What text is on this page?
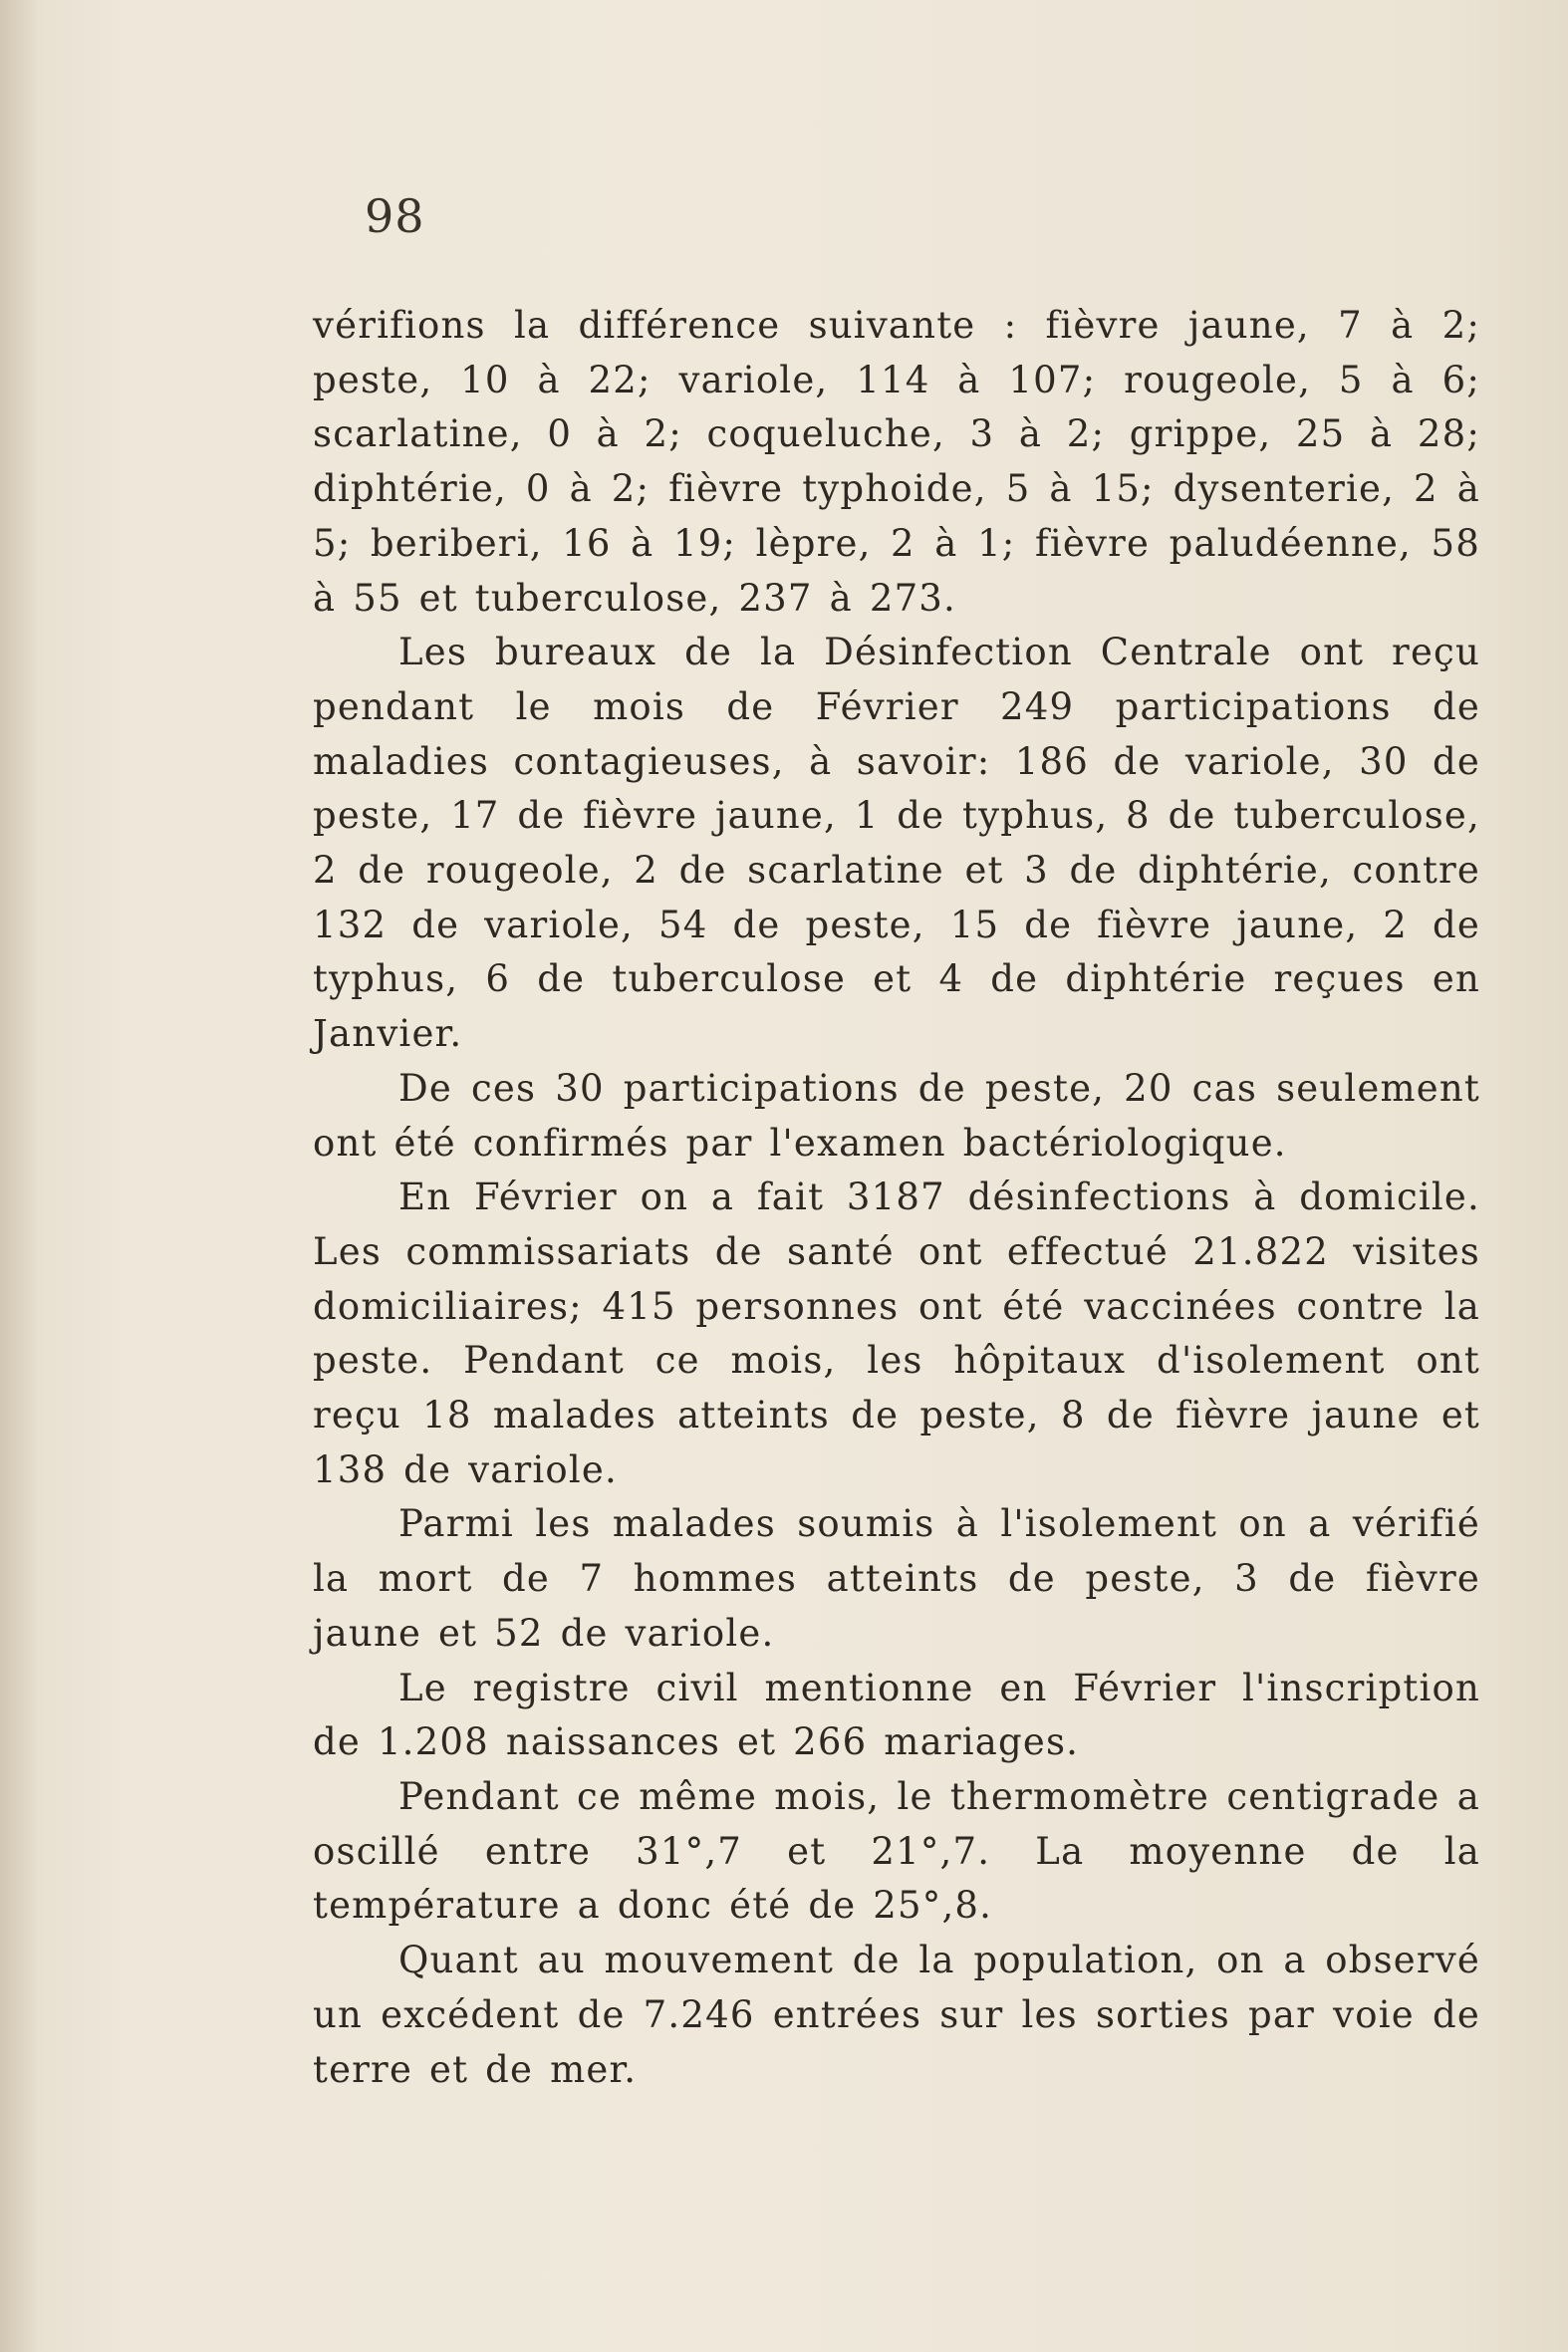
98

vérifions la différence suivante : fièvre jaune, 7 à 2; peste, 10 à 22; variole, 114 à 107; rougeole, 5 à 6; scarlatine, 0 à 2; coqueluche, 3 à 2; grippe, 25 à 28; diphtérie, 0 à 2; fièvre typhoide, 5 à 15; dysenterie, 2 à 5; beriberi, 16 à 19; lèpre, 2 à 1; fièvre paludéenne, 58 à 55 et tuberculose, 237 à 273.

Les bureaux de la Désinfection Centrale ont reçu pendant le mois de Février 249 participations de maladies contagieuses, à savoir: 186 de variole, 30 de peste, 17 de fièvre jaune, 1 de typhus, 8 de tuberculose, 2 de rougeole, 2 de scarlatine et 3 de diphtérie, contre 132 de variole, 54 de peste, 15 de fièvre jaune, 2 de typhus, 6 de tuberculose et 4 de diphtérie reçues en Janvier.

De ces 30 participations de peste, 20 cas seulement ont été confirmés par l'examen bactériologique.

En Février on a fait 3187 désinfections à domicile. Les commissariats de santé ont effectué 21.822 visites domiciliaires; 415 personnes ont été vaccinées contre la peste. Pendant ce mois, les hôpitaux d'isolement ont reçu 18 malades atteints de peste, 8 de fièvre jaune et 138 de variole.

Parmi les malades soumis à l'isolement on a vérifié la mort de 7 hommes atteints de peste, 3 de fièvre jaune et 52 de variole.

Le registre civil mentionne en Février l'inscription de 1.208 naissances et 266 mariages.

Pendant ce même mois, le thermomètre centigrade a oscillé entre 31°,7 et 21°,7. La moyenne de la température a donc été de 25°,8.

Quant au mouvement de la population, on a observé un excédent de 7.246 entrées sur les sorties par voie de terre et de mer.
